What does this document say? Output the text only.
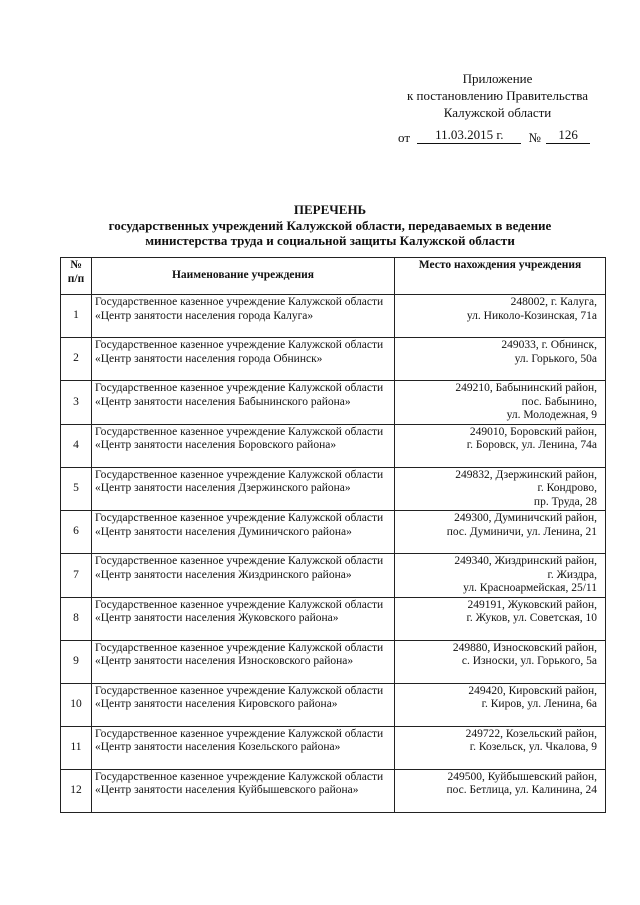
Приложение
к постановлению Правительства
Калужской области
от 11.03.2015 г. № 126
ПЕРЕЧЕНЬ
государственных учреждений Калужской области, передаваемых в ведение
министерства труда и социальной защиты Калужской области
№ п/п	Наименование учреждения	Место нахождения учреждения
1	Государственное казенное учреждение Калужской области «Центр занятости населения города Калуга»	248002, г. Калуга,
ул. Николо-Козинская, 71а

2	Государственное казенное учреждение Калужской области «Центр занятости населения города Обнинск»	249033, г. Обнинск,
ул. Горького, 50а

3	Государственное казенное учреждение Калужской области «Центр занятости населения Бабынинского района»	249210, Бабынинский район,
пос. Бабынино,
ул. Молодежная, 9

4	Государственное казенное учреждение Калужской области «Центр занятости населения Боровского района»	249010, Боровский район,
г. Боровск, ул. Ленина, 74а

5	Государственное казенное учреждение Калужской области «Центр занятости населения Дзержинского района»	249832, Дзержинский район,
г. Кондрово,
пр. Труда, 28

6	Государственное казенное учреждение Калужской области «Центр занятости населения Думиничского района»	249300, Думиничский район,
пос. Думиничи, ул. Ленина, 21

7	Государственное казенное учреждение Калужской области «Центр занятости населения Жиздринского района»	249340, Жиздринский район,
г. Жиздра,
ул. Красноармейская, 25/11

8	Государственное казенное учреждение Калужской области «Центр занятости населения Жуковского района»	249191, Жуковский район,
г. Жуков, ул. Советская, 10

9	Государственное казенное учреждение Калужской области «Центр занятости населения Износковского района»	249880, Износковский район,
с. Износки, ул. Горького, 5а

10	Государственное казенное учреждение Калужской области «Центр занятости населения Кировского района»	249420, Кировский район,
г. Киров, ул. Ленина, 6а

11	Государственное казенное учреждение Калужской области «Центр занятости населения Козельского района»	249722, Козельский район,
г. Козельск, ул. Чкалова, 9

12	Государственное казенное учреждение Калужской области «Центр занятости населения Куйбышевского района»	249500, Куйбышевский район,
пос. Бетлица, ул. Калинина, 24
